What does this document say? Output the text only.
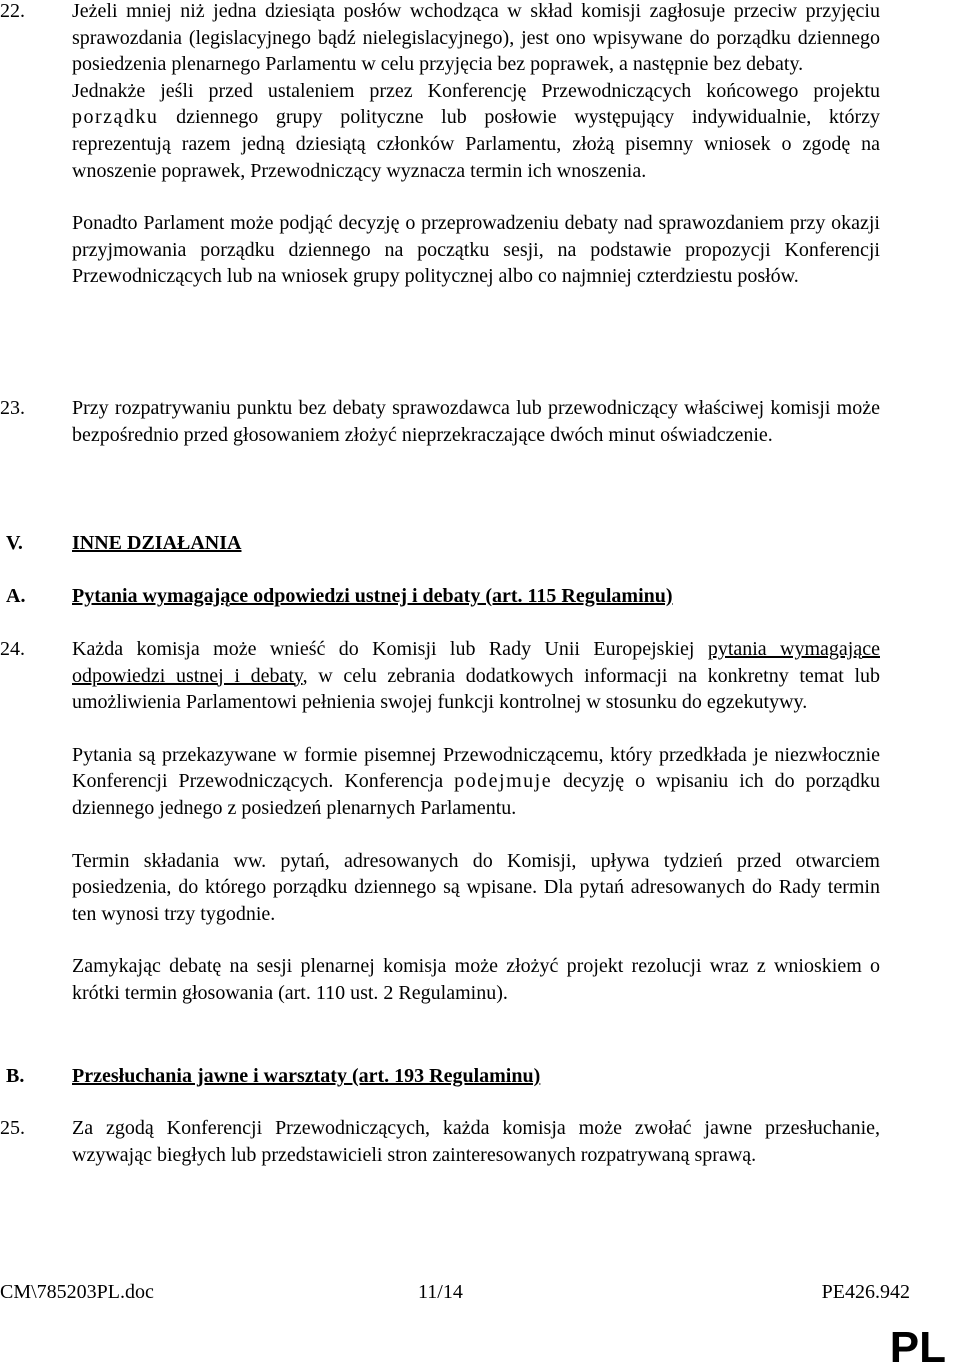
22.	Jeżeli mniej niż jedna dziesiąta posłów wchodząca w skład komisji zagłosuje przeciw przyjęciu sprawozdania (legislacyjnego bądź nielegislacyjnego), jest ono wpisywane do porządku dziennego posiedzenia plenarnego Parlamentu w celu przyjęcia bez poprawek, a następnie bez debaty.

Jednakże jeśli przed ustaleniem przez Konferencję Przewodniczących końcowego projektu porządku dziennego grupy polityczne lub posłowie występujący indywidualnie, którzy reprezentują razem jedną dziesiątą członków Parlamentu, złożą pisemny wniosek o zgodę na wnoszenie poprawek, Przewodniczący wyznacza termin ich wnoszenia.

Ponadto Parlament może podjąć decyzję o przeprowadzeniu debaty nad sprawozdaniem przy okazji przyjmowania porządku dziennego na początku sesji, na podstawie propozycji Konferencji Przewodniczących lub na wniosek grupy politycznej albo co najmniej czterdziestu posłów.

23.	Przy rozpatrywaniu punktu bez debaty sprawozdawca lub przewodniczący właściwej komisji może bezpośrednio przed głosowaniem złożyć nieprzekraczające dwóch minut oświadczenie.

V. INNE DZIAŁANIA
A. Pytania wymagające odpowiedzi ustnej i debaty (art. 115 Regulaminu)
24.	Każda komisja może wnieść do Komisji lub Rady Unii Europejskiej pytania wymagające odpowiedzi ustnej i debaty, w celu zebrania dodatkowych informacji na konkretny temat lub umożliwienia Parlamentowi pełnienia swojej funkcji kontrolnej w stosunku do egzekutywy.

Pytania są przekazywane w formie pisemnej Przewodniczącemu, który przedkłada je niezwłocznie Konferencji Przewodniczących. Konferencja podejmuje decyzję o wpisaniu ich do porządku dziennego jednego z posiedzeń plenarnych Parlamentu.

Termin składania ww. pytań, adresowanych do Komisji, upływa tydzień przed otwarciem posiedzenia, do którego porządku dziennego są wpisane. Dla pytań adresowanych do Rady termin ten wynosi trzy tygodnie.

Zamykając debatę na sesji plenarnej komisja może złożyć projekt rezolucji wraz z wnioskiem o krótki termin głosowania (art. 110 ust. 2 Regulaminu).

B. Przesłuchania jawne i warsztaty (art. 193 Regulaminu)
25.	Za zgodą Konferencji Przewodniczących, każda komisja może zwołać jawne przesłuchanie, wzywając biegłych lub przedstawicieli stron zainteresowanych rozpatrywaną sprawą.

CM\785203PL.doc	11/14	PE426.942
PL
